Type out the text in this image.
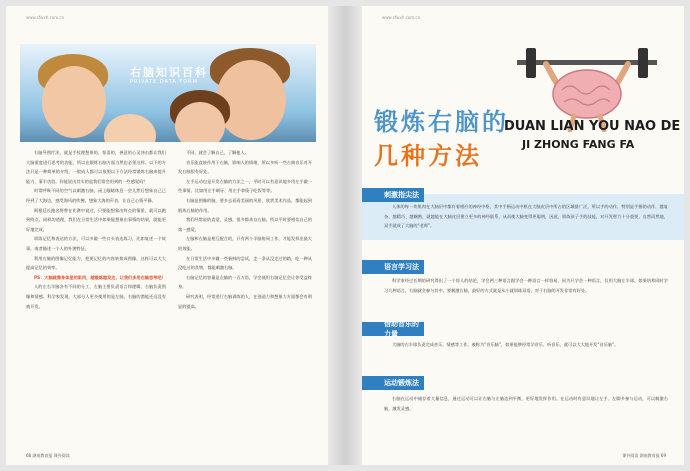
www.sfwxh.com.cn
右脑知识百科
PRIVATE DATA FORM

右脑导图疗法，就是手杖理想果的，惊喜的，善意的心灵冲击都让我们大脑重度进行思考的功能，所以在锻炼右脑方面当然也必须这样。以下的方法只是一种简单的介绍，一般成人都可以依照以下方法经常锻炼右脑来提升能力，事半功倍。你能说出其实的是我们常会用到的一些感觉吗？

时常呼吸不同的空气以刺激右脑，闭上眼睛休息一会儿然后想象自己已经到了大海边，感受海风的吹拂，想象大海的声音，让自己心情平静。

阿根廷长跑名将曾在比赛中说过，只要能想象出终点的情景，就可以跑到终点。同样的道理，我们在日常生活中如果能想象出事情的结果，就能更好地完成。

训练记忆和表达的方法，可以多做一些口头表达练习，比如复述一个故事，或者描述一个人的外貌特征。

利用右脑的图像记忆能力，把要记忆的内容转换成图像，这样可以大大提高记忆的效率。

PS：大脑就像身体里的肌肉，越锻炼越发达，让我们多用右脑思考吧！

人的左右半脑各有不同的分工，左脑主要负责语言和逻辑，右脑负责图像和情感。科学家发现，大部分人更多使用的是左脑，右脑的潜能还远没有被开发。

不同，就会了解自己，了解他人。

音乐能直接作用于右脑，影响人的情绪，所以多听一些古典音乐对开发右脑很有好处。

左手运动也是开发右脑的方法之一，平时可以有意识地多用左手做一些事情，比如用左手刷牙、用左手拿筷子吃饭等等。

右脑是图像的脑，要多去看看美丽的风景，欣赏美术作品，都能起到锻炼右脑的作用。

我们经常说的直觉、灵感，很多都来自右脑，所以平时要相信自己的第一感觉。

左脑和右脑是相互配合的，只有两个半脑协同工作，才能发挥出最大的效能。

在日常生活中多做一些新鲜的尝试，走一条从没走过的路，吃一种从没吃过的食物，都能刺激右脑。

右脑记忆的容量是左脑的一百万倍，学会使用右脑记忆会让你受益终身。

研究表明，经常进行右脑训练的人，在创造力和想象力方面都会有明显的提高。

68 湖南教育报 课外阅读
www.sfwxh.com.cn
锻炼右脑的
几种方法
DUAN LIAN YOU NAO DE
JI ZHONG FANG FA
刺激指尖法
人体的每一块肌肉在大脑层中都有着相应的神经中枢，其中手指运动中枢在大脑皮层中所占的区域最广泛，所以手的动作，特别是手指的动作，越复杂、越精巧、越娴熟，就越能在大脑皮层建立更多的神经联系，从而使大脑变得更聪明，因此，训练孩子手的技能，对开发智力十分重要，自然而然地，双手就成了大脑的“老师”。
语言学习法
科学家经过长期的研究得出了一个惊人的结论，学会两三种语言跟学会一种语言一样容易，因为只学会一种语言，仅用大脑左半球，如果培养同时学习几种语言，右脑就会参与其中。要刺激右脑，最好的方式就是从小就训练双语，对于右脑的开发非常有好处。
借助音乐的力量
大脑的右半球负责完成音乐、情感等工作。被称为“音乐脑”，如果能够经常学音乐、听音乐，就可以大大地开发“音乐脑”。
运动锻炼法
右脑在运动中储存着大量信息，通过运动可以让右脑与左脑达到平衡，更好地发挥作用。在运动时有意识地让左手、左脚多参与运动，可以刺激右脑，激发灵感。
课外阅读 湖南教育报 69
